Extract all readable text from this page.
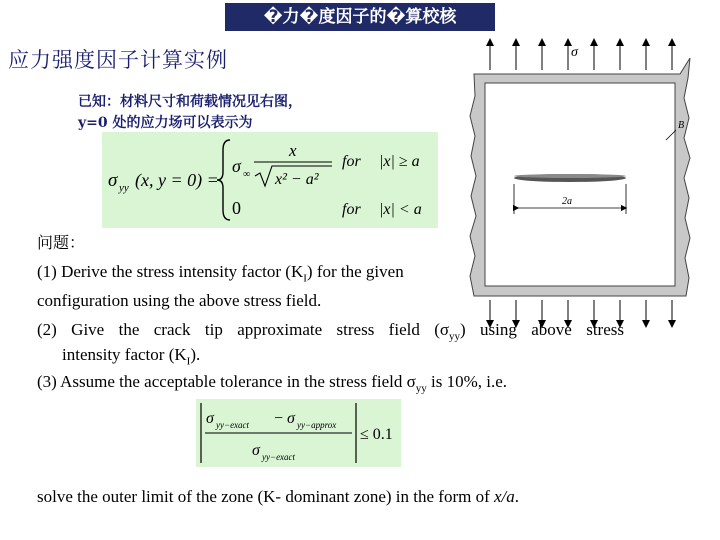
�力�度因子的�算校核
应力强度因子计算实例
已知：材料尺寸和荷载情况见右图，
y=0 处的应力场可以表示为
σ yy (x, y = 0) =
x
σ ∞ x² − a²
for |x| ≥ a
0	for |x| < a
问题：
(1) Derive the stress intensity factor $(K_I)$ for the given
configuration using the above stress field.
(2) Give the crack tip approximate stress field $(\sigma_{yy})$ using above stress
intensity factor $(K_I)$.
(3) Assume the acceptable tolerance in the stress field $\sigma_{yy}$ is 10%, i.e.
σ yy−exact − σ yy−approx
σ yy−exact
≤ 0.1
solve the outer limit of the zone (K- dominant zone) in the form of x/a.
σ
B
2a
